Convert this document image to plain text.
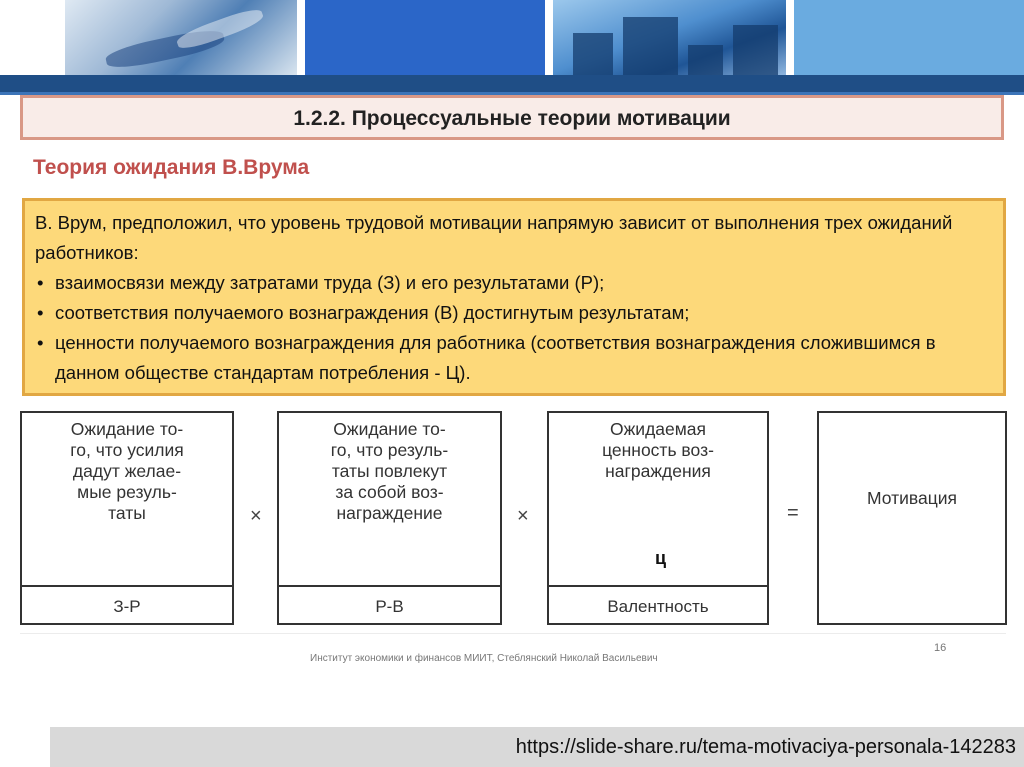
1.2.2. Процессуальные теории мотивации
Теория ожидания В.Врума
В. Врум, предположил, что уровень трудовой мотивации напрямую зависит от выполнения трех ожиданий работников:
• взаимосвязи между затратами труда (З) и его результатами (Р);
• соответствия получаемого вознаграждения (В) достигнутым результатам;
• ценности получаемого вознаграждения для работника (соответствия вознаграждения сложившимся в данном обществе стандартам потребления - Ц).
Ожидание то-
го, что усилия
дадут желае-
мые резуль-
таты
З-Р
×
Ожидание то-
го, что резуль-
таты повлекут
за собой воз-
награждение
Р-В
×
Ожидаемая
ценность воз-
награждения
Валентность
=
Мотивация
ц
16
Институт экономики и финансов МИИТ, Стеблянский Николай Васильевич
https://slide-share.ru/tema-motivaciya-personala-142283
